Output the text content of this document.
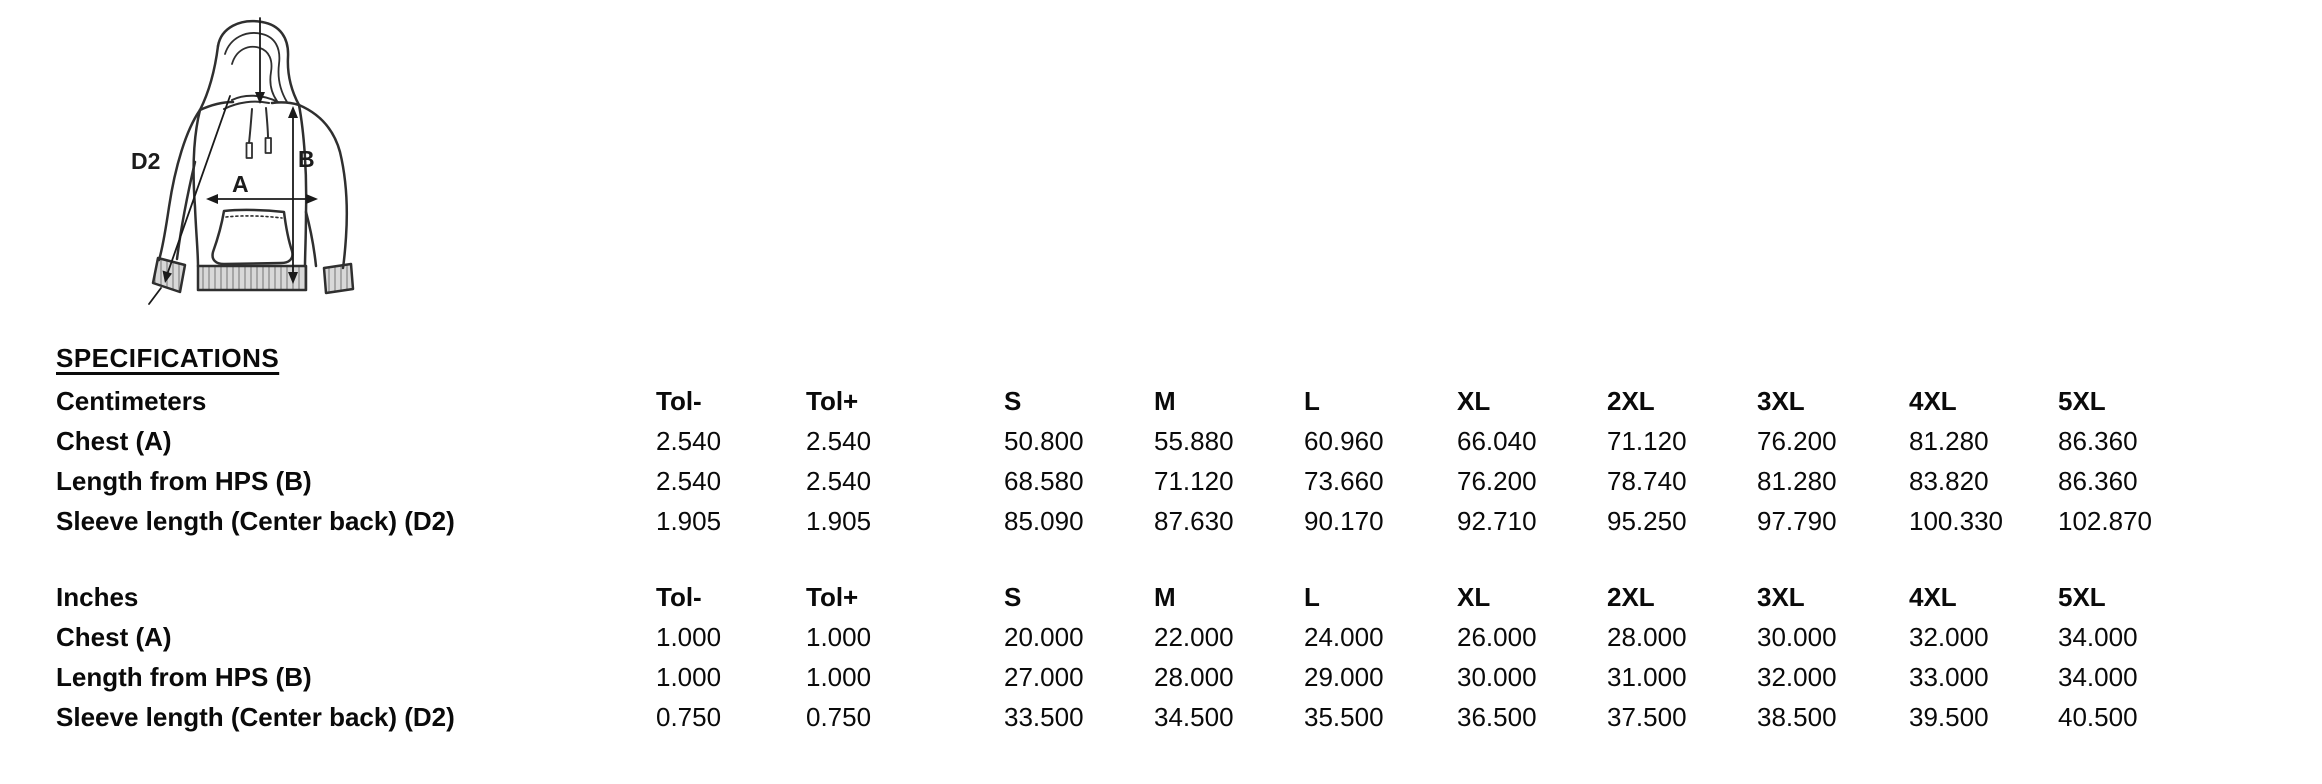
D2	B
A
SPECIFICATIONS
Centimeters	Tol-	Tol+	S	M	L	XL	2XL	3XL	4XL	5XL
Chest (A)	2.540	2.540	50.800	55.880	60.960	66.040	71.120	76.200	81.280	86.360
Length from HPS (B)	2.540	2.540	68.580	71.120	73.660	76.200	78.740	81.280	83.820	86.360
Sleeve length (Center back) (D2)	1.905	1.905	85.090	87.630	90.170	92.710	95.250	97.790	100.330	102.870
Inches	Tol-	Tol+	S	M	L	XL	2XL	3XL	4XL	5XL
Chest (A)	1.000	1.000	20.000	22.000	24.000	26.000	28.000	30.000	32.000	34.000
Length from HPS (B)	1.000	1.000	27.000	28.000	29.000	30.000	31.000	32.000	33.000	34.000
Sleeve length (Center back) (D2)	0.750	0.750	33.500	34.500	35.500	36.500	37.500	38.500	39.500	40.500
